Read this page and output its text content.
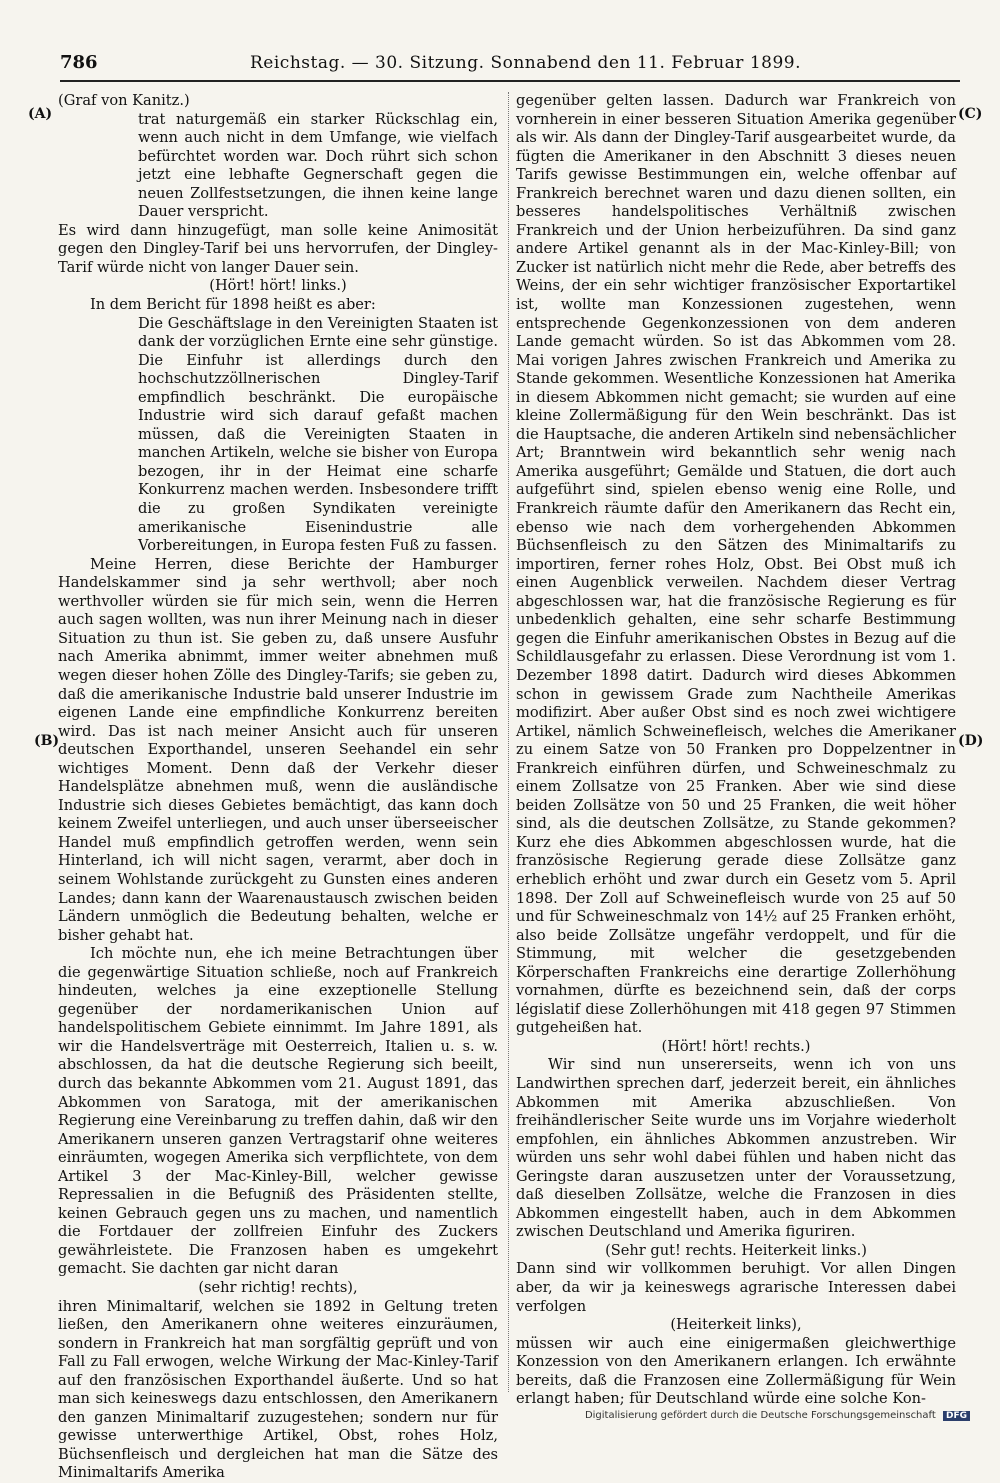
786	Reichstag. — 30. Sitzung. Sonnabend den 11. Februar 1899.
(A)
(B)
(C)
(D)

(Graf von Kanitz.)

trat naturgemäß ein starker Rückschlag ein, wenn auch nicht in dem Umfange, wie vielfach befürchtet worden war. Doch rührt sich schon jetzt eine lebhafte Gegnerschaft gegen die neuen Zollfestsetzungen, die ihnen keine lange Dauer verspricht.

Es wird dann hinzugefügt, man solle keine Animosität gegen den Dingley-Tarif bei uns hervorrufen, der Dingley-Tarif würde nicht von langer Dauer sein.

(Hört! hört! links.)

In dem Bericht für 1898 heißt es aber:

Die Geschäftslage in den Vereinigten Staaten ist dank der vorzüglichen Ernte eine sehr günstige. Die Einfuhr ist allerdings durch den hochschutzzöllnerischen Dingley-Tarif empfindlich beschränkt. Die europäische Industrie wird sich darauf gefaßt machen müssen, daß die Vereinigten Staaten in manchen Artikeln, welche sie bisher von Europa bezogen, ihr in der Heimat eine scharfe Konkurrenz machen werden. Insbesondere trifft die zu großen Syndikaten vereinigte amerikanische Eisenindustrie alle Vorbereitungen, in Europa festen Fuß zu fassen.

Meine Herren, diese Berichte der Hamburger Handelskammer sind ja sehr werthvoll; aber noch werthvoller würden sie für mich sein, wenn die Herren auch sagen wollten, was nun ihrer Meinung nach in dieser Situation zu thun ist. Sie geben zu, daß unsere Ausfuhr nach Amerika abnimmt, immer weiter abnehmen muß wegen dieser hohen Zölle des Dingley-Tarifs; sie geben zu, daß die amerikanische Industrie bald unserer Industrie im eigenen Lande eine empfindliche Konkurrenz bereiten wird. Das ist nach meiner Ansicht auch für unseren deutschen Exporthandel, unseren Seehandel ein sehr wichtiges Moment. Denn daß der Verkehr dieser Handelsplätze abnehmen muß, wenn die ausländische Industrie sich dieses Gebietes bemächtigt, das kann doch keinem Zweifel unterliegen, und auch unser überseeischer Handel muß empfindlich getroffen werden, wenn sein Hinterland, ich will nicht sagen, verarmt, aber doch in seinem Wohlstande zurückgeht zu Gunsten eines anderen Landes; dann kann der Waarenaustausch zwischen beiden Ländern unmöglich die Bedeutung behalten, welche er bisher gehabt hat.

Ich möchte nun, ehe ich meine Betrachtungen über die gegenwärtige Situation schließe, noch auf Frankreich hindeuten, welches ja eine exzeptionelle Stellung gegenüber der nordamerikanischen Union auf handelspolitischem Gebiete einnimmt. Im Jahre 1891, als wir die Handelsverträge mit Oesterreich, Italien u. s. w. abschlossen, da hat die deutsche Regierung sich beeilt, durch das bekannte Abkommen vom 21. August 1891, das Abkommen von Saratoga, mit der amerikanischen Regierung eine Vereinbarung zu treffen dahin, daß wir den Amerikanern unseren ganzen Vertragstarif ohne weiteres einräumten, wogegen Amerika sich verpflichtete, von dem Artikel 3 der Mac-Kinley-Bill, welcher gewisse Repressalien in die Befugniß des Präsidenten stellte, keinen Gebrauch gegen uns zu machen, und namentlich die Fortdauer der zollfreien Einfuhr des Zuckers gewährleistete. Die Franzosen haben es umgekehrt gemacht. Sie dachten gar nicht daran

(sehr richtig! rechts),

ihren Minimaltarif, welchen sie 1892 in Geltung treten ließen, den Amerikanern ohne weiteres einzuräumen, sondern in Frankreich hat man sorgfältig geprüft und von Fall zu Fall erwogen, welche Wirkung der Mac-Kinley-Tarif auf den französischen Exporthandel äußerte. Und so hat man sich keineswegs dazu entschlossen, den Amerikanern den ganzen Minimaltarif zuzugestehen; sondern nur für gewisse unterwerthige Artikel, Obst, rohes Holz, Büchsenfleisch und dergleichen hat man die Sätze des Minimaltarifs Amerika

gegenüber gelten lassen. Dadurch war Frankreich von vornherein in einer besseren Situation Amerika gegenüber als wir. Als dann der Dingley-Tarif ausgearbeitet wurde, da fügten die Amerikaner in den Abschnitt 3 dieses neuen Tarifs gewisse Bestimmungen ein, welche offenbar auf Frankreich berechnet waren und dazu dienen sollten, ein besseres handelspolitisches Verhältniß zwischen Frankreich und der Union herbeizuführen. Da sind ganz andere Artikel genannt als in der Mac-Kinley-Bill; von Zucker ist natürlich nicht mehr die Rede, aber betreffs des Weins, der ein sehr wichtiger französischer Exportartikel ist, wollte man Konzessionen zugestehen, wenn entsprechende Gegenkonzessionen von dem anderen Lande gemacht würden. So ist das Abkommen vom 28. Mai vorigen Jahres zwischen Frankreich und Amerika zu Stande gekommen. Wesentliche Konzessionen hat Amerika in diesem Abkommen nicht gemacht; sie wurden auf eine kleine Zollermäßigung für den Wein beschränkt. Das ist die Hauptsache, die anderen Artikeln sind nebensächlicher Art; Branntwein wird bekanntlich sehr wenig nach Amerika ausgeführt; Gemälde und Statuen, die dort auch aufgeführt sind, spielen ebenso wenig eine Rolle, und Frankreich räumte dafür den Amerikanern das Recht ein, ebenso wie nach dem vorhergehenden Abkommen Büchsenfleisch zu den Sätzen des Minimaltarifs zu importiren, ferner rohes Holz, Obst. Bei Obst muß ich einen Augenblick verweilen. Nachdem dieser Vertrag abgeschlossen war, hat die französische Regierung es für unbedenklich gehalten, eine sehr scharfe Bestimmung gegen die Einfuhr amerikanischen Obstes in Bezug auf die Schildlausgefahr zu erlassen. Diese Verordnung ist vom 1. Dezember 1898 datirt. Dadurch wird dieses Abkommen schon in gewissem Grade zum Nachtheile Amerikas modifizirt. Aber außer Obst sind es noch zwei wichtigere Artikel, nämlich Schweinefleisch, welches die Amerikaner zu einem Satze von 50 Franken pro Doppelzentner in Frankreich einführen dürfen, und Schweineschmalz zu einem Zollsatze von 25 Franken. Aber wie sind diese beiden Zollsätze von 50 und 25 Franken, die weit höher sind, als die deutschen Zollsätze, zu Stande gekommen? Kurz ehe dies Abkommen abgeschlossen wurde, hat die französische Regierung gerade diese Zollsätze ganz erheblich erhöht und zwar durch ein Gesetz vom 5. April 1898. Der Zoll auf Schweinefleisch wurde von 25 auf 50 und für Schweineschmalz von 14½ auf 25 Franken erhöht, also beide Zollsätze ungefähr verdoppelt, und für die Stimmung, mit welcher die gesetzgebenden Körperschaften Frankreichs eine derartige Zollerhöhung vornahmen, dürfte es bezeichnend sein, daß der corps législatif diese Zollerhöhungen mit 418 gegen 97 Stimmen gutgeheißen hat.

(Hört! hört! rechts.)

Wir sind nun unsererseits, wenn ich von uns Landwirthen sprechen darf, jederzeit bereit, ein ähnliches Abkommen mit Amerika abzuschließen. Von freihändlerischer Seite wurde uns im Vorjahre wiederholt empfohlen, ein ähnliches Abkommen anzustreben. Wir würden uns sehr wohl dabei fühlen und haben nicht das Geringste daran auszusetzen unter der Voraussetzung, daß dieselben Zollsätze, welche die Franzosen in dies Abkommen eingestellt haben, auch in dem Abkommen zwischen Deutschland und Amerika figuriren.

(Sehr gut! rechts. Heiterkeit links.)

Dann sind wir vollkommen beruhigt. Vor allen Dingen aber, da wir ja keineswegs agrarische Interessen dabei verfolgen

(Heiterkeit links),

müssen wir auch eine einigermaßen gleichwerthige Konzession von den Amerikanern erlangen. Ich erwähnte bereits, daß die Franzosen eine Zollermäßigung für Wein erlangt haben; für Deutschland würde eine solche Kon-

Digitalisierung gefördert durch die Deutsche Forschungsgemeinschaft DFG
